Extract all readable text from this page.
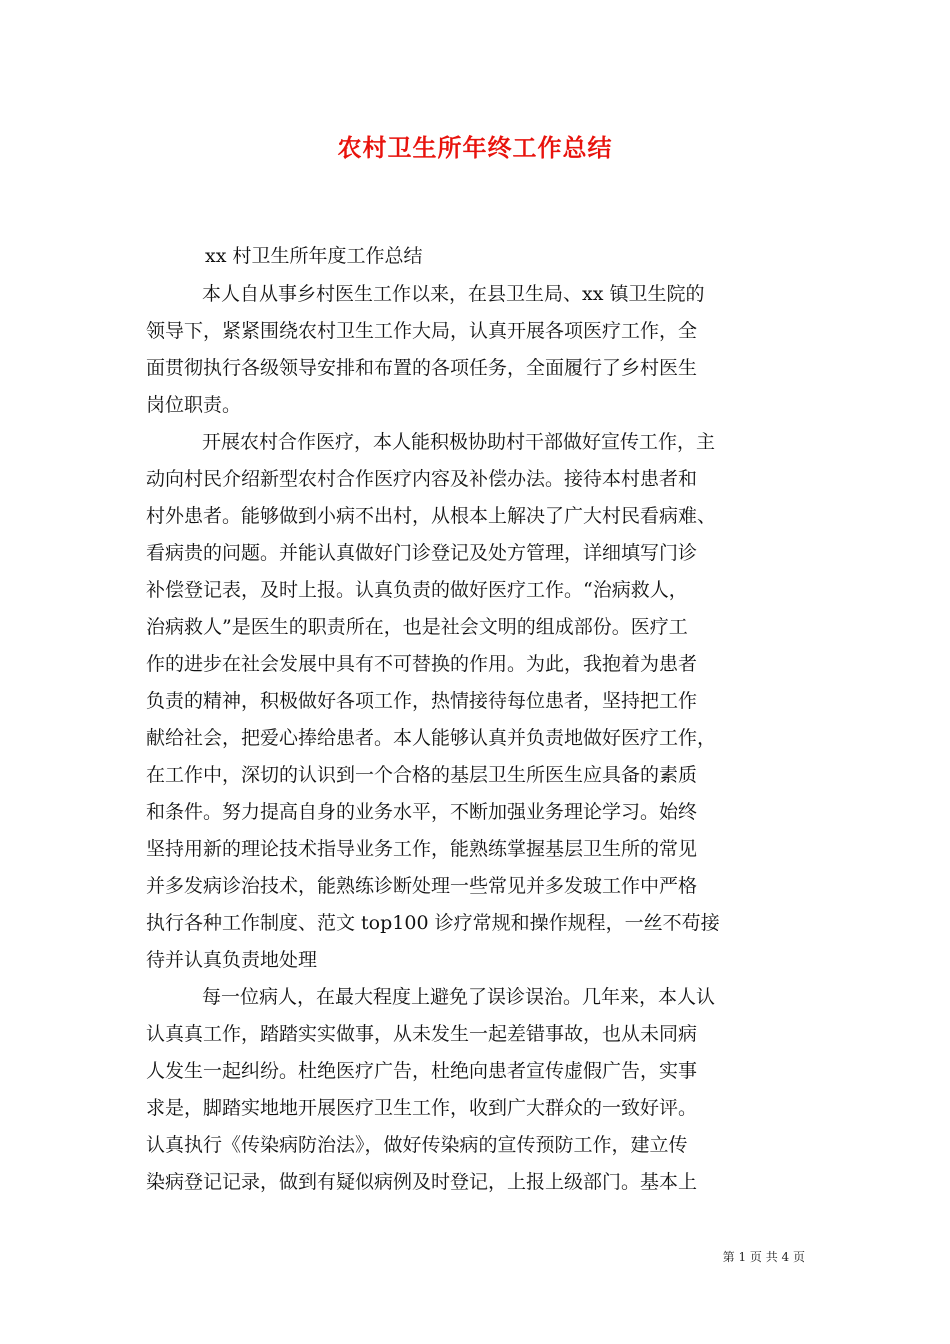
农村卫生所年终工作总结
xx 村卫生所年度工作总结
本人自从事乡村医生工作以来，在县卫生局、xx 镇卫生院的
领导下，紧紧围绕农村卫生工作大局，认真开展各项医疗工作，全
面贯彻执行各级领导安排和布置的各项任务，全面履行了乡村医生
岗位职责。
开展农村合作医疗，本人能积极协助村干部做好宣传工作，主
动向村民介绍新型农村合作医疗内容及补偿办法。接待本村患者和
村外患者。能够做到小病不出村，从根本上解决了广大村民看病难、
看病贵的问题。并能认真做好门诊登记及处方管理，详细填写门诊
补偿登记表，及时上报。认真负责的做好医疗工作。“治病救人，
治病救人”是医生的职责所在，也是社会文明的组成部份。医疗工
作的进步在社会发展中具有不可替换的作用。为此，我抱着为患者
负责的精神，积极做好各项工作，热情接待每位患者，坚持把工作
献给社会，把爱心捧给患者。本人能够认真并负责地做好医疗工作，
在工作中，深切的认识到一个合格的基层卫生所医生应具备的素质
和条件。努力提高自身的业务水平，不断加强业务理论学习。始终
坚持用新的理论技术指导业务工作，能熟练掌握基层卫生所的常见
并多发病诊治技术，能熟练诊断处理一些常见并多发玻工作中严格
执行各种工作制度、范文 top100 诊疗常规和操作规程，一丝不苟接
待并认真负责地处理
每一位病人，在最大程度上避免了误诊误治。几年来，本人认
认真真工作，踏踏实实做事，从未发生一起差错事故，也从未同病
人发生一起纠纷。杜绝医疗广告，杜绝向患者宣传虚假广告，实事
求是，脚踏实地地开展医疗卫生工作，收到广大群众的一致好评。
认真执行《传染病防治法》，做好传染病的宣传预防工作，建立传
染病登记记录，做到有疑似病例及时登记，上报上级部门。基本上
第 1 页 共 4 页
